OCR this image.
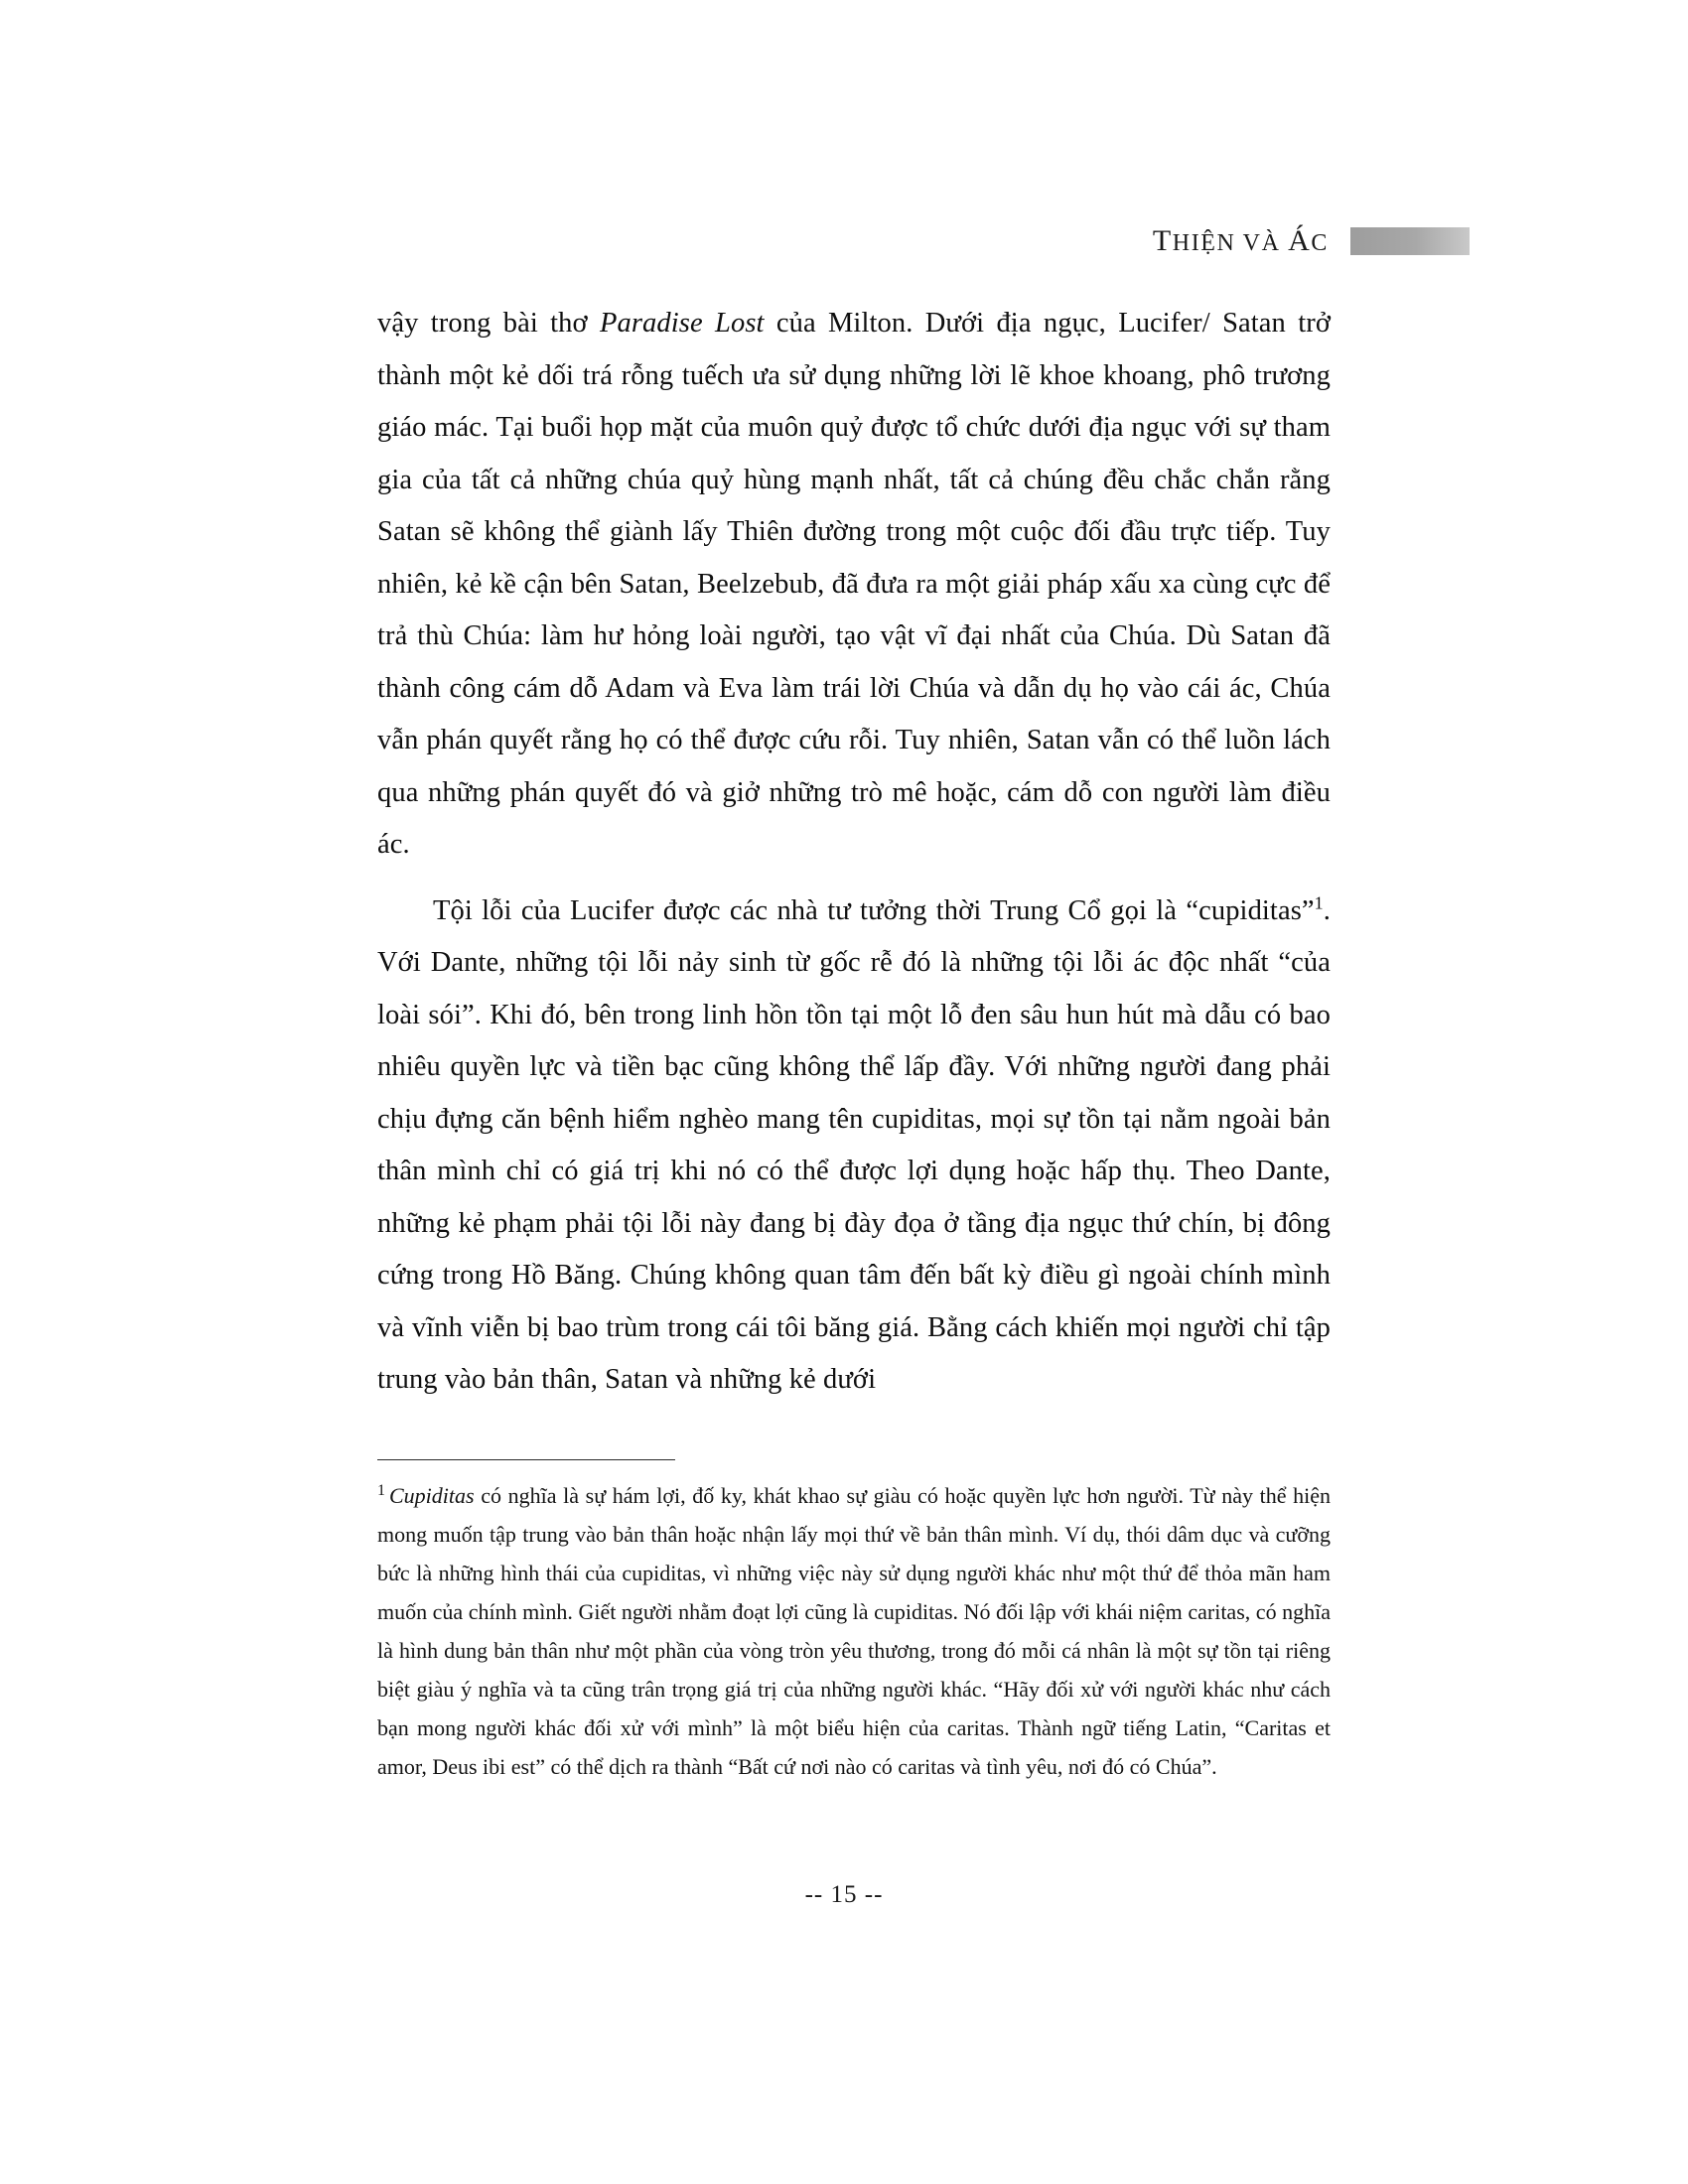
THIỆN VÀ ÁC

vậy trong bài thơ Paradise Lost của Milton. Dưới địa ngục, Lucifer/ Satan trở thành một kẻ dối trá rỗng tuếch ưa sử dụng những lời lẽ khoe khoang, phô trương giáo mác. Tại buổi họp mặt của muôn quỷ được tổ chức dưới địa ngục với sự tham gia của tất cả những chúa quỷ hùng mạnh nhất, tất cả chúng đều chắc chắn rằng Satan sẽ không thể giành lấy Thiên đường trong một cuộc đối đầu trực tiếp. Tuy nhiên, kẻ kề cận bên Satan, Beelzebub, đã đưa ra một giải pháp xấu xa cùng cực để trả thù Chúa: làm hư hỏng loài người, tạo vật vĩ đại nhất của Chúa. Dù Satan đã thành công cám dỗ Adam và Eva làm trái lời Chúa và dẫn dụ họ vào cái ác, Chúa vẫn phán quyết rằng họ có thể được cứu rỗi. Tuy nhiên, Satan vẫn có thể luồn lách qua những phán quyết đó và giở những trò mê hoặc, cám dỗ con người làm điều ác.

Tội lỗi của Lucifer được các nhà tư tưởng thời Trung Cổ gọi là “cupiditas”$^1$. Với Dante, những tội lỗi nảy sinh từ gốc rễ đó là những tội lỗi ác độc nhất “của loài sói”. Khi đó, bên trong linh hồn tồn tại một lỗ đen sâu hun hút mà dẫu có bao nhiêu quyền lực và tiền bạc cũng không thể lấp đầy. Với những người đang phải chịu đựng căn bệnh hiểm nghèo mang tên cupiditas, mọi sự tồn tại nằm ngoài bản thân mình chỉ có giá trị khi nó có thể được lợi dụng hoặc hấp thụ. Theo Dante, những kẻ phạm phải tội lỗi này đang bị đày đọa ở tầng địa ngục thứ chín, bị đông cứng trong Hồ Băng. Chúng không quan tâm đến bất kỳ điều gì ngoài chính mình và vĩnh viễn bị bao trùm trong cái tôi băng giá. Bằng cách khiến mọi người chỉ tập trung vào bản thân, Satan và những kẻ dưới

$^1$ Cupiditas có nghĩa là sự hám lợi, đố ky, khát khao sự giàu có hoặc quyền lực hơn người. Từ này thể hiện mong muốn tập trung vào bản thân hoặc nhận lấy mọi thứ về bản thân mình. Ví dụ, thói dâm dục và cưỡng bức là những hình thái của cupiditas, vì những việc này sử dụng người khác như một thứ để thỏa mãn ham muốn của chính mình. Giết người nhằm đoạt lợi cũng là cupiditas. Nó đối lập với khái niệm caritas, có nghĩa là hình dung bản thân như một phần của vòng tròn yêu thương, trong đó mỗi cá nhân là một sự tồn tại riêng biệt giàu ý nghĩa và ta cũng trân trọng giá trị của những người khác. “Hãy đối xử với người khác như cách bạn mong người khác đối xử với mình” là một biểu hiện của caritas. Thành ngữ tiếng Latin, “Caritas et amor, Deus ibi est” có thể dịch ra thành “Bất cứ nơi nào có caritas và tình yêu, nơi đó có Chúa”.
-- 15 --
